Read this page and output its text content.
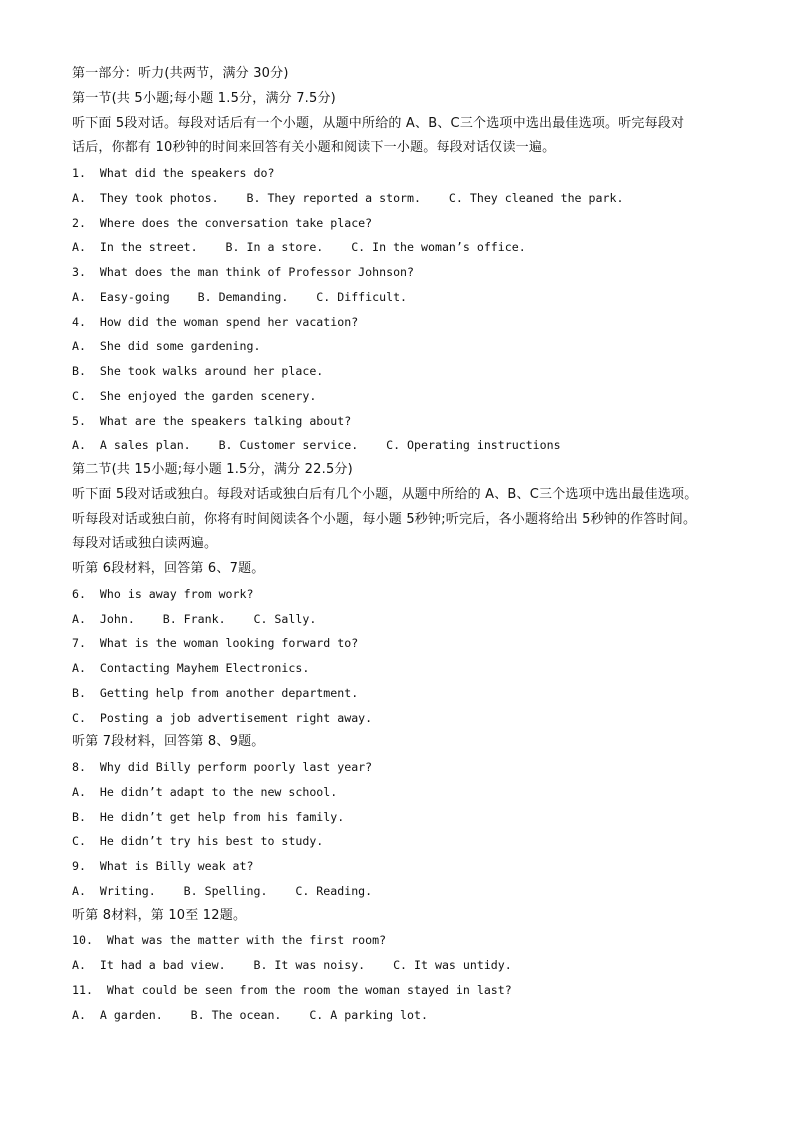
第一部分：听力(共两节，满分 30分)
第一节(共 5小题;每小题 1.5分，满分 7.5分)
听下面 5段对话。每段对话后有一个小题，从题中所给的 A、B、C三个选项中选出最佳选项。听完每段对
话后，你都有 10秒钟的时间来回答有关小题和阅读下一小题。每段对话仅读一遍。
1.  What did the speakers do?
A.  They took photos.    B. They reported a storm.    C. They cleaned the park.
2.  Where does the conversation take place?
A.  In the street.    B. In a store.    C. In the woman’s office.
3.  What does the man think of Professor Johnson?
A.  Easy-going    B. Demanding.    C. Difficult.
4.  How did the woman spend her vacation?
A.  She did some gardening.
B.  She took walks around her place.
C.  She enjoyed the garden scenery.
5.  What are the speakers talking about?
A.  A sales plan.    B. Customer service.    C. Operating instructions
第二节(共 15小题;每小题 1.5分，满分 22.5分)
听下面 5段对话或独白。每段对话或独白后有几个小题，从题中所给的 A、B、C三个选项中选出最佳选项。
听每段对话或独白前，你将有时间阅读各个小题，每小题 5秒钟;听完后，各小题将给出 5秒钟的作答时间。
每段对话或独白读两遍。
听第 6段材料，回答第 6、7题。
6.  Who is away from work?
A.  John.    B. Frank.    C. Sally.
7.  What is the woman looking forward to?
A.  Contacting Mayhem Electronics.
B.  Getting help from another department.
C.  Posting a job advertisement right away.
听第 7段材料，回答第 8、9题。
8.  Why did Billy perform poorly last year?
A.  He didn’t adapt to the new school.
B.  He didn’t get help from his family.
C.  He didn’t try his best to study.
9.  What is Billy weak at?
A.  Writing.    B. Spelling.    C. Reading.
听第 8材料，第 10至 12题。
10.  What was the matter with the first room?
A.  It had a bad view.    B. It was noisy.    C. It was untidy.
11.  What could be seen from the room the woman stayed in last?
A.  A garden.    B. The ocean.    C. A parking lot.
